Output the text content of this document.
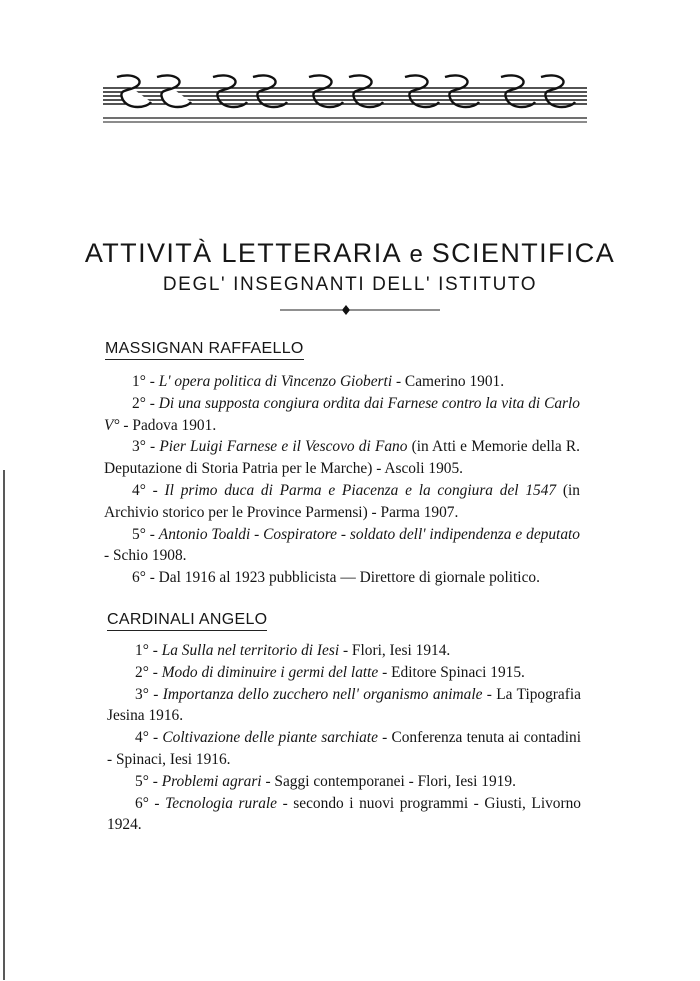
ATTIVITÀ LETTERARIA e SCIENTIFICA
DEGL' INSEGNANTI DELL' ISTITUTO
MASSIGNAN RAFFAELLO

1° - L' opera politica di Vincenzo Gioberti - Camerino 1901.

2° - Di una supposta congiura ordita dai Farnese contro la vita di Carlo V° - Padova 1901.

3° - Pier Luigi Farnese e il Vescovo di Fano (in Atti e Memorie della R. Deputazione di Storia Patria per le Marche) - Ascoli 1905.

4° - Il primo duca di Parma e Piacenza e la congiura del 1547 (in Archivio storico per le Province Parmensi) - Parma 1907.

5° - Antonio Toaldi - Cospiratore - soldato dell' indipendenza e deputato - Schio 1908.

6° - Dal 1916 al 1923 pubblicista — Direttore di giornale politico.

CARDINALI ANGELO

1° - La Sulla nel territorio di Iesi - Flori, Iesi 1914.

2° - Modo di diminuire i germi del latte - Editore Spinaci 1915.

3° - Importanza dello zucchero nell' organismo animale - La Tipografia Jesina 1916.

4° - Coltivazione delle piante sarchiate - Conferenza tenuta ai contadini - Spinaci, Iesi 1916.

5° - Problemi agrari - Saggi contemporanei - Flori, Iesi 1919.

6° - Tecnologia rurale - secondo i nuovi programmi - Giusti, Livorno 1924.
